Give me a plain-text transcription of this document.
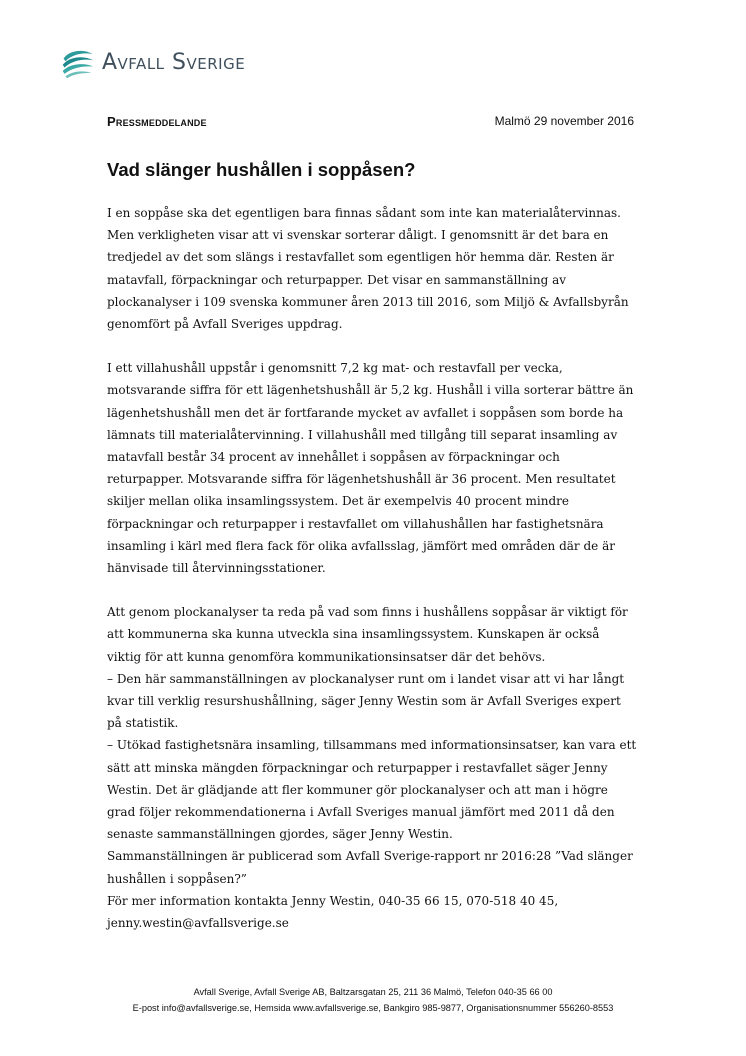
Avfall Sverige
Pressmeddelande	Malmö 29 november 2016
Vad slänger hushållen i soppåsen?

I en soppåse ska det egentligen bara finnas sådant som inte kan materialåtervinnas. Men verkligheten visar att vi svenskar sorterar dåligt. I genomsnitt är det bara en tredjedel av det som slängs i restavfallet som egentligen hör hemma där. Resten är matavfall, förpackningar och returpapper. Det visar en sammanställning av plockanalyser i 109 svenska kommuner åren 2013 till 2016, som Miljö & Avfallsbyrån genomfört på Avfall Sveriges uppdrag.

I ett villahushåll uppstår i genomsnitt 7,2 kg mat- och restavfall per vecka, motsvarande siffra för ett lägenhetshushåll är 5,2 kg. Hushåll i villa sorterar bättre än lägenhetshushåll men det är fortfarande mycket av avfallet i soppåsen som borde ha lämnats till materialåtervinning. I villahushåll med tillgång till separat insamling av matavfall består 34 procent av innehållet i soppåsen av förpackningar och returpapper. Motsvarande siffra för lägenhetshushåll är 36 procent. Men resultatet skiljer mellan olika insamlingssystem. Det är exempelvis 40 procent mindre förpackningar och returpapper i restavfallet om villahushållen har fastighetsnära insamling i kärl med flera fack för olika avfallsslag, jämfört med områden där de är hänvisade till återvinningsstationer.

Att genom plockanalyser ta reda på vad som finns i hushållens soppåsar är viktigt för att kommunerna ska kunna utveckla sina insamlingssystem. Kunskapen är också viktig för att kunna genomföra kommunikationsinsatser där det behövs.

– Den här sammanställningen av plockanalyser runt om i landet visar att vi har långt kvar till verklig resurshushållning, säger Jenny Westin som är Avfall Sveriges expert på statistik.

– Utökad fastighetsnära insamling, tillsammans med informationsinsatser, kan vara ett sätt att minska mängden förpackningar och returpapper i restavfallet säger Jenny Westin. Det är glädjande att fler kommuner gör plockanalyser och att man i högre grad följer rekommendationerna i Avfall Sveriges manual jämfört med 2011 då den senaste sammanställningen gjordes, säger Jenny Westin.

Sammanställningen är publicerad som Avfall Sverige-rapport nr 2016:28 ”Vad slänger hushållen i soppåsen?”

För mer information kontakta Jenny Westin, 040-35 66 15, 070-518 40 45, jenny.westin@avfallsverige.se

Avfall Sverige, Avfall Sverige AB, Baltzarsgatan 25, 211 36 Malmö, Telefon 040-35 66 00
E-post info@avfallsverige.se, Hemsida www.avfallsverige.se, Bankgiro 985-9877, Organisationsnummer 556260-8553
